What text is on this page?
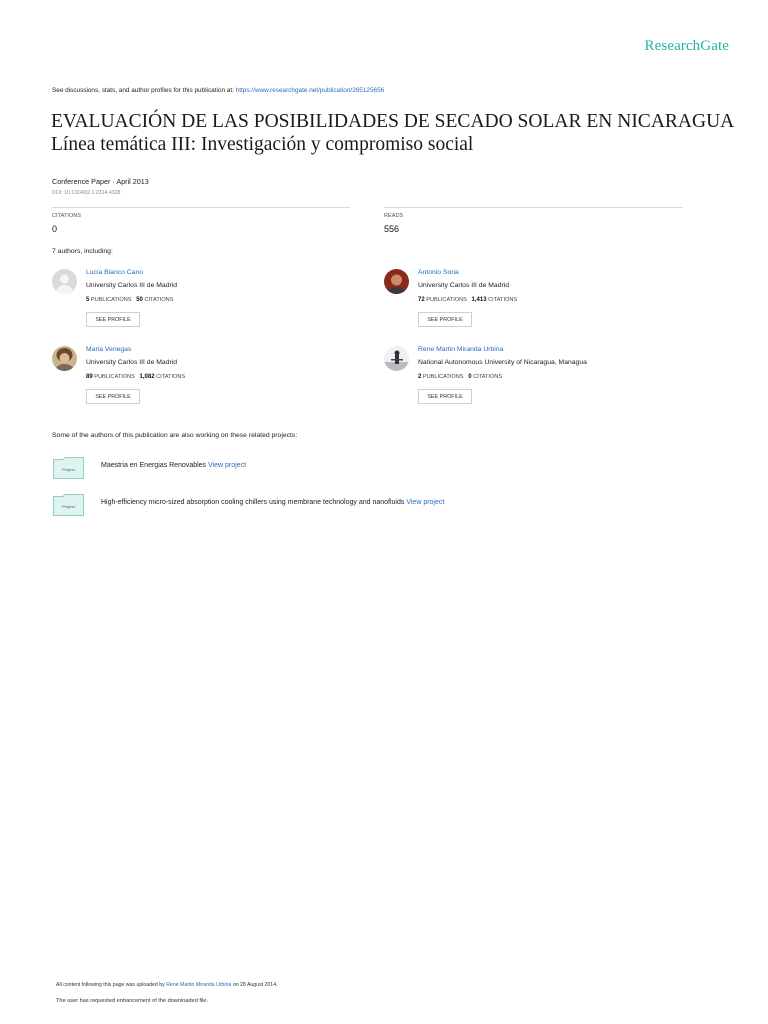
ResearchGate
See discussions, stats, and author profiles for this publication at: https://www.researchgate.net/publication/265125656
EVALUACIÓN DE LAS POSIBILIDADES DE SECADO SOLAR EN NICARAGUA
Línea temática III: Investigación y compromiso social
Conference Paper · April 2013
DOI: 10.13140/2.1.2314.4328
CITATIONS
0
READS
556
7 authors, including:
Lucia Blanco Cano
University Carlos III de Madrid
5 PUBLICATIONS 50 CITATIONS
SEE PROFILE
Antonio Soria
University Carlos III de Madrid
72 PUBLICATIONS 1,413 CITATIONS
SEE PROFILE
Maria Venegas
University Carlos III de Madrid
89 PUBLICATIONS 1,082 CITATIONS
SEE PROFILE
Rene Martin Miranda Urbina
National Autonomous University of Nicaragua, Managua
2 PUBLICATIONS 0 CITATIONS
SEE PROFILE
Some of the authors of this publication are also working on these related projects:
Project
Maestria en Energias Renovables View project
Project
High-efficiency micro-sized absorption cooling chillers using membrane technology and nanofluids View project
All content following this page was uploaded by René Martin Miranda Urbina on 28 August 2014.
The user has requested enhancement of the downloaded file.
